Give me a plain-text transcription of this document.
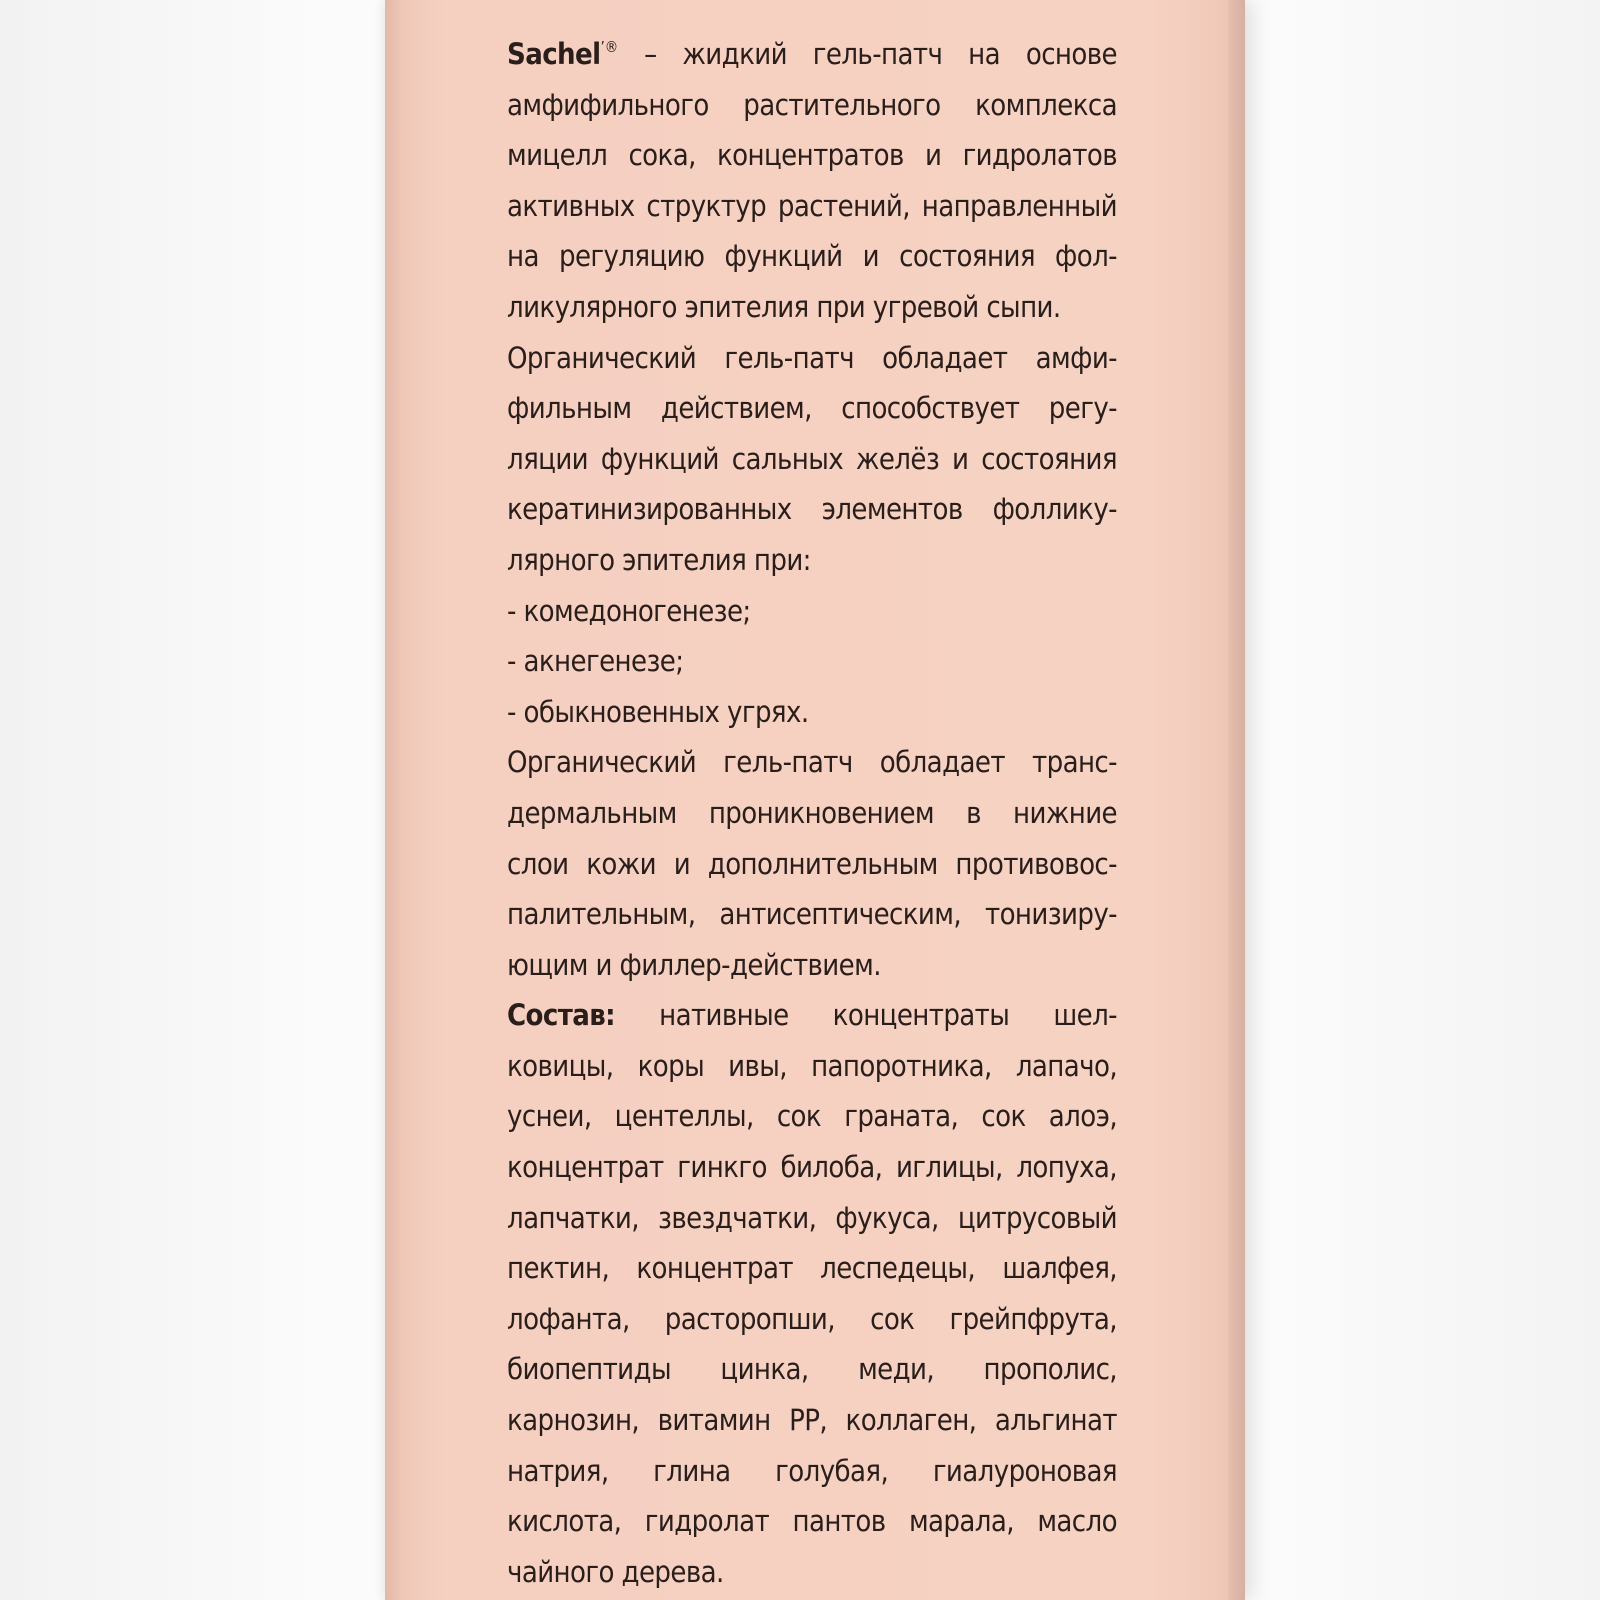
Sachel’® – жидкий гель-патч на основе
амфифильного растительного комплекса
мицелл сока, концентратов и гидролатов
активных структур растений, направленный
на регуляцию функций и состояния фол-
ликулярного эпителия при угревой сыпи.
Органический гель-патч обладает амфи-
фильным действием, способствует регу-
ляции функций сальных желёз и состояния
кератинизированных элементов фоллику-
лярного эпителия при:
- комедоногенезе;
- акнегенезе;
- обыкновенных угрях.
Органический гель-патч обладает транс-
дермальным проникновением в нижние
слои кожи и дополнительным противовос-
палительным, антисептическим, тонизиру-
ющим и филлер-действием.
Состав: нативные концентраты шел-
ковицы, коры ивы, папоротника, лапачо,
уснеи, центеллы, сок граната, сок алоэ,
концентрат гинкго билоба, иглицы, лопуха,
лапчатки, звездчатки, фукуса, цитрусовый
пектин, концентрат леспедецы, шалфея,
лофанта, расторопши, сок грейпфрута,
биопептиды цинка, меди, прополис,
карнозин, витамин РР, коллаген, альгинат
натрия, глина голубая, гиалуроновая
кислота, гидролат пантов марала, масло
чайного дерева.
